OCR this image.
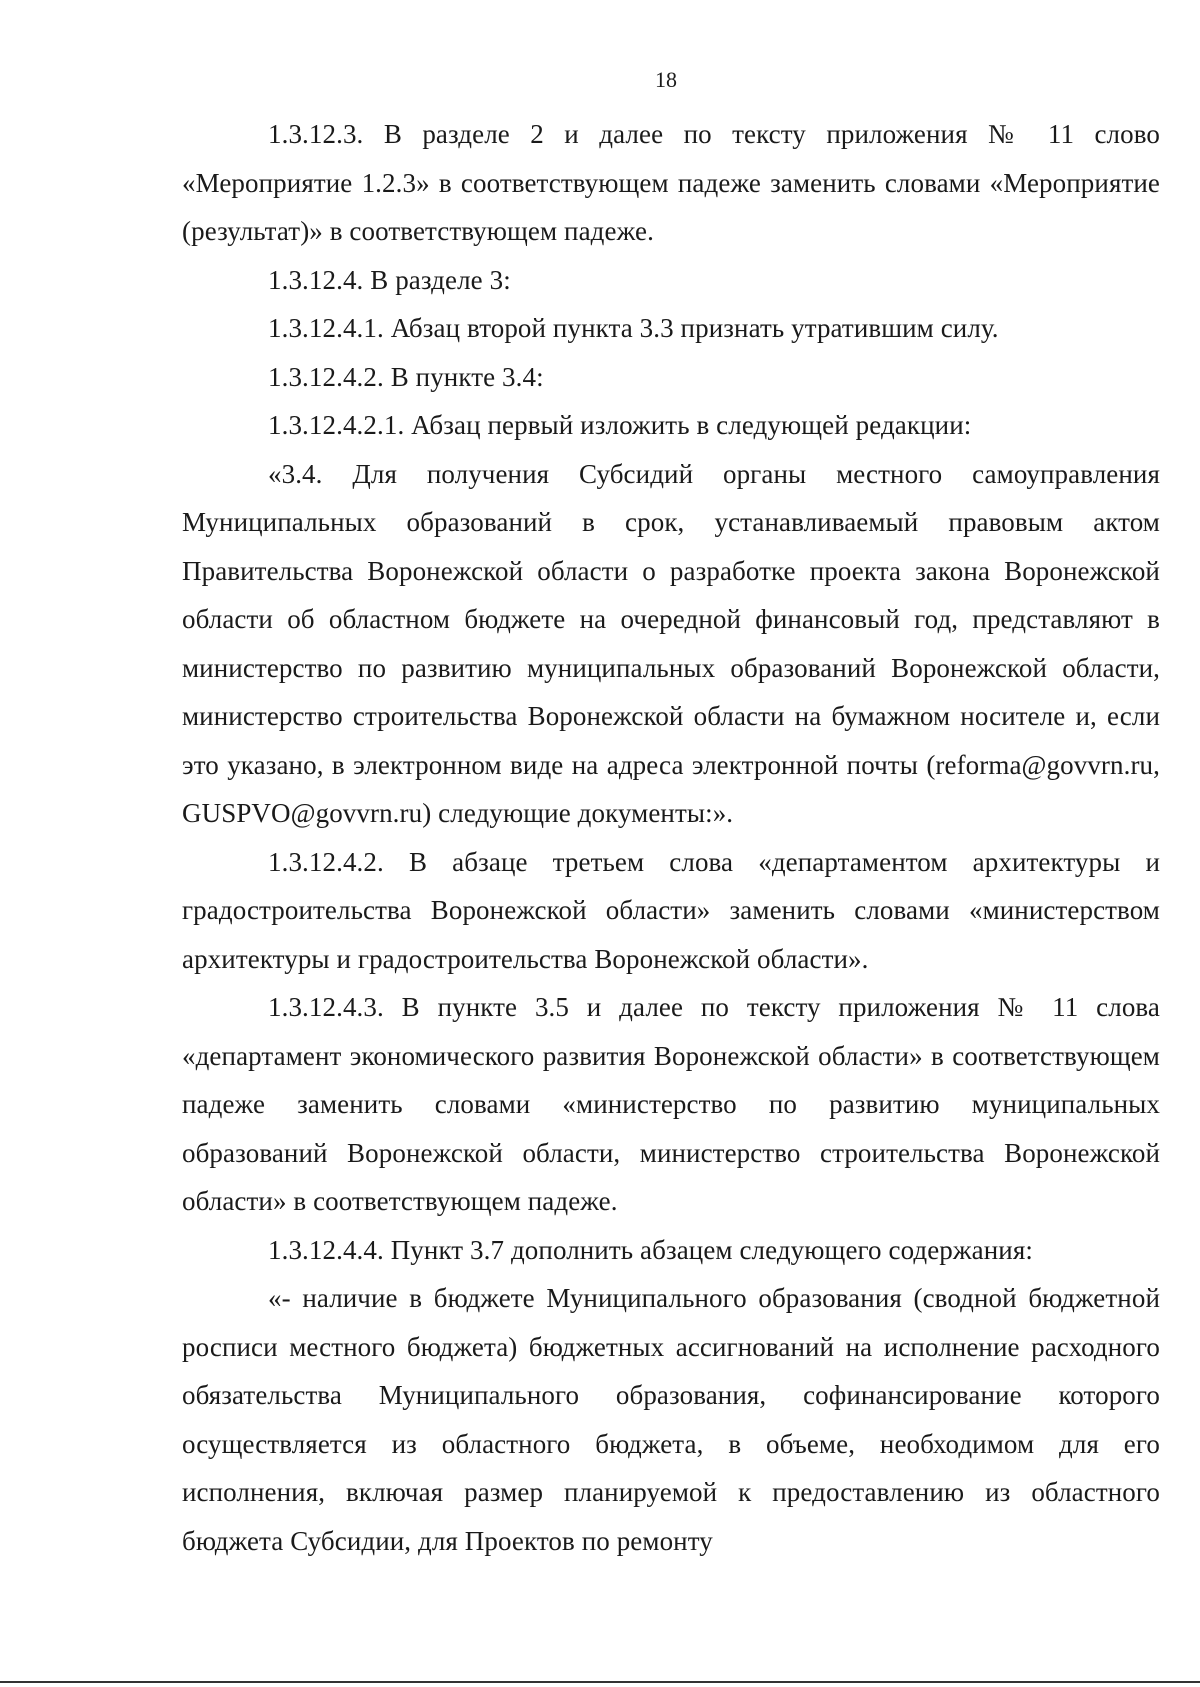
18

1.3.12.3. В разделе 2 и далее по тексту приложения № 11 слово «Мероприятие 1.2.3» в соответствующем падеже заменить словами «Мероприятие (результат)» в соответствующем падеже.

1.3.12.4. В разделе 3:

1.3.12.4.1. Абзац второй пункта 3.3 признать утратившим силу.

1.3.12.4.2. В пункте 3.4:

1.3.12.4.2.1. Абзац первый изложить в следующей редакции:

«3.4. Для получения Субсидий органы местного самоуправления Муниципальных образований в срок, устанавливаемый правовым актом Правительства Воронежской области о разработке проекта закона Воронежской области об областном бюджете на очередной финансовый год, представляют в министерство по развитию муниципальных образований Воронежской области, министерство строительства Воронежской области на бумажном носителе и, если это указано, в электронном виде на адреса электронной почты (reforma@govvrn.ru, GUSPVO@govvrn.ru) следующие документы:».

1.3.12.4.2. В абзаце третьем слова «департаментом архитектуры и градостроительства Воронежской области» заменить словами «министерством архитектуры и градостроительства Воронежской области».

1.3.12.4.3. В пункте 3.5 и далее по тексту приложения № 11 слова «департамент экономического развития Воронежской области» в соответствующем падеже заменить словами «министерство по развитию муниципальных образований Воронежской области, министерство строительства Воронежской области» в соответствующем падеже.

1.3.12.4.4. Пункт 3.7 дополнить абзацем следующего содержания:

«- наличие в бюджете Муниципального образования (сводной бюджетной росписи местного бюджета) бюджетных ассигнований на исполнение расходного обязательства Муниципального образования, софинансирование которого осуществляется из областного бюджета, в объеме, необходимом для его исполнения, включая размер планируемой к предоставлению из областного бюджета Субсидии, для Проектов по ремонту
